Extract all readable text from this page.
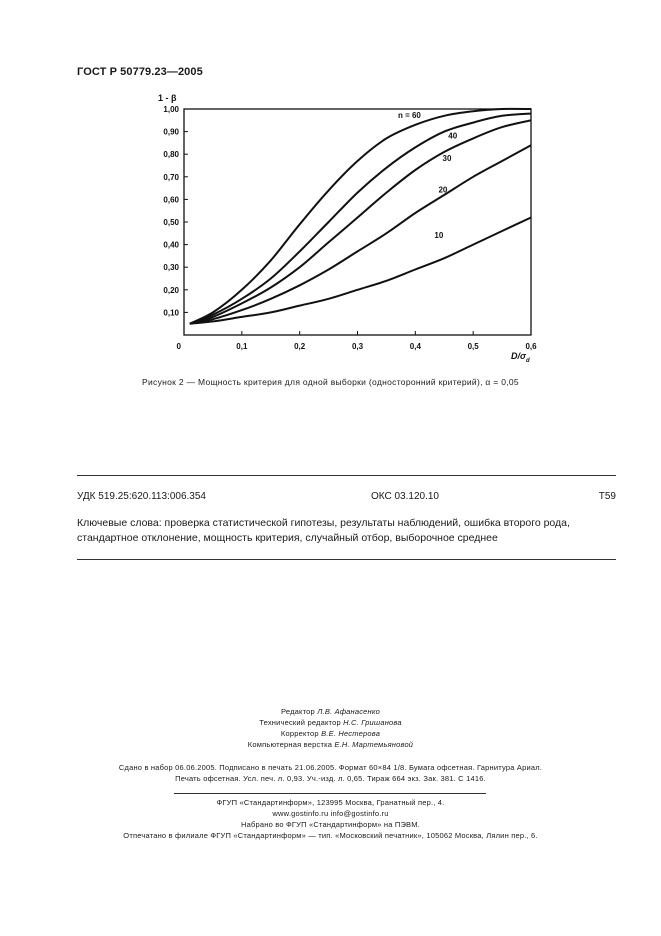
ГОСТ Р 50779.23—2005
0	0,1	0,2	0,3	0,4	0,5	0,6
0,10
0,20
0,30
0,40
0,50
0,60
0,70
0,80
0,90
1,00
1 - β
$D/\sigma_d$
n = 60
40
30
20
10
Рисунок 2 — Мощность критерия для одной выборки (односторонний критерий), α = 0,05
УДК 519.25:620.113:006.354	ОКС 03.120.10	Т59
Ключевые слова: проверка статистической гипотезы, результаты наблюдений, ошибка второго рода,
стандартное отклонение, мощность критерия, случайный отбор, выборочное среднее
Редактор Л.В. Афанасенко
Технический редактор Н.С. Гришанова
Корректор В.Е. Нестерова
Компьютерная верстка Е.Н. Мартемьяновой
Сдано в набор 06.06.2005. Подписано в печать 21.06.2005. Формат 60×84 1/8. Бумага офсетная. Гарнитура Ариал.
Печать офсетная. Усл. печ. л. 0,93. Уч.-изд. л. 0,65. Тираж 664 экз. Зак. 381. С 1416.
ФГУП «Стандартинформ», 123995 Москва, Гранатный пер., 4.
www.gostinfo.ru info@gostinfo.ru
Набрано во ФГУП «Стандартинформ» на ПЭВМ.
Отпечатано в филиале ФГУП «Стандартинформ» — тип. «Московский печатник», 105062 Москва, Лялин пер., 6.
